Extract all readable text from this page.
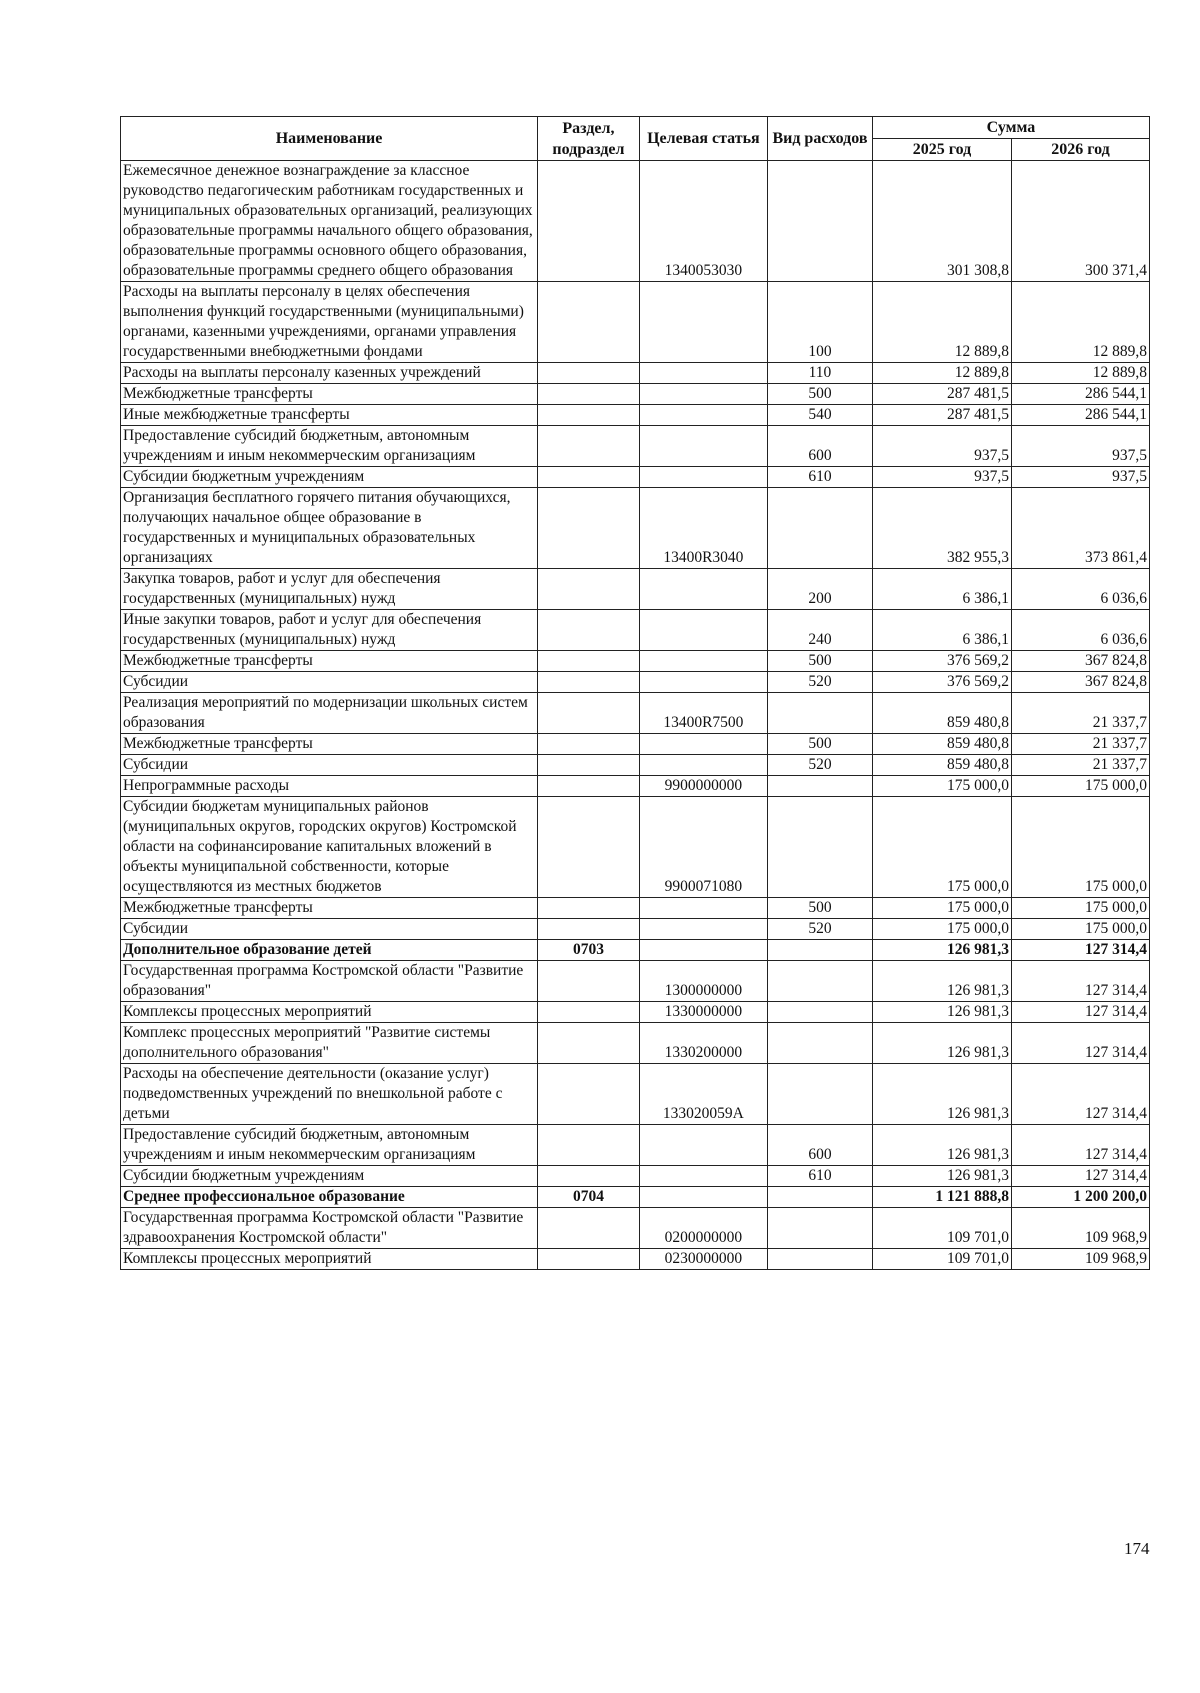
Наименование	Раздел, подраздел	Целевая статья	Вид расходов	Сумма	
				2025 год	2026 год
Ежемесячное денежное вознаграждение за классное руководство педагогическим работникам государственных и муниципальных образовательных организаций, реализующих образовательные программы начального общего образования, образовательные программы основного общего образования, образовательные программы среднего общего образования		1340053030		301 308,8	300 371,4
Расходы на выплаты персоналу в целях обеспечения выполнения функций государственными (муниципальными) органами, казенными учреждениями, органами управления государственными внебюджетными фондами			100	12 889,8	12 889,8
Расходы на выплаты персоналу казенных учреждений			110	12 889,8	12 889,8
Межбюджетные трансферты			500	287 481,5	286 544,1
Иные межбюджетные трансферты			540	287 481,5	286 544,1
Предоставление субсидий бюджетным, автономным учреждениям и иным некоммерческим организациям			600	937,5	937,5
Субсидии бюджетным учреждениям			610	937,5	937,5
Организация бесплатного горячего питания обучающихся, получающих начальное общее образование в государственных и муниципальных образовательных организациях		13400R3040		382 955,3	373 861,4
Закупка товаров, работ и услуг для обеспечения государственных (муниципальных) нужд			200	6 386,1	6 036,6
Иные закупки товаров, работ и услуг для обеспечения государственных (муниципальных) нужд			240	6 386,1	6 036,6
Межбюджетные трансферты			500	376 569,2	367 824,8
Субсидии			520	376 569,2	367 824,8
Реализация мероприятий по модернизации школьных систем образования		13400R7500		859 480,8	21 337,7
Межбюджетные трансферты			500	859 480,8	21 337,7
Субсидии			520	859 480,8	21 337,7
Непрограммные расходы		9900000000		175 000,0	175 000,0
Субсидии бюджетам муниципальных районов (муниципальных округов, городских округов) Костромской области на софинансирование капитальных вложений в объекты муниципальной собственности, которые осуществляются из местных бюджетов		9900071080		175 000,0	175 000,0
Межбюджетные трансферты			500	175 000,0	175 000,0
Субсидии			520	175 000,0	175 000,0
Дополнительное образование детей	0703			126 981,3	127 314,4
Государственная программа Костромской области "Развитие образования"		1300000000		126 981,3	127 314,4
Комплексы процессных мероприятий		1330000000		126 981,3	127 314,4
Комплекс процессных мероприятий "Развитие системы дополнительного образования"		1330200000		126 981,3	127 314,4
Расходы на обеспечение деятельности (оказание услуг) подведомственных учреждений по внешкольной работе с детьми		133020059А		126 981,3	127 314,4
Предоставление субсидий бюджетным, автономным учреждениям и иным некоммерческим организациям			600	126 981,3	127 314,4
Субсидии бюджетным учреждениям			610	126 981,3	127 314,4
Среднее профессиональное образование	0704			1 121 888,8	1 200 200,0
Государственная программа Костромской области "Развитие здравоохранения Костромской области"		0200000000		109 701,0	109 968,9
Комплексы процессных мероприятий		0230000000		109 701,0	109 968,9
174
